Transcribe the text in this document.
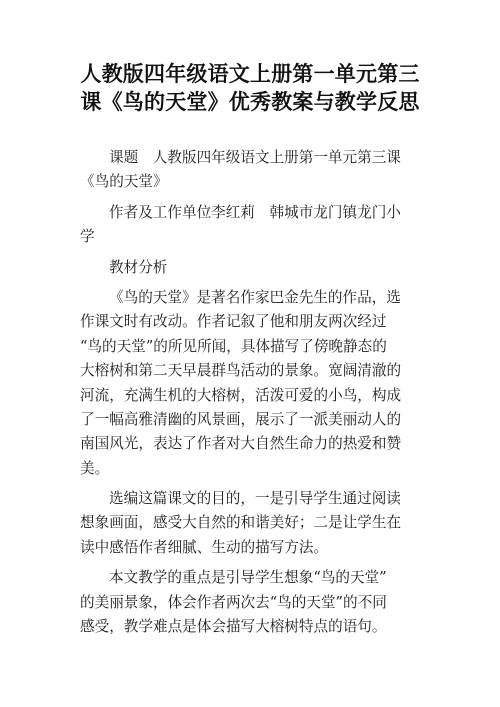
人教版四年级语文上册第一单元第三
课《鸟的天堂》优秀教案与教学反思
课题　人教版四年级语文上册第一单元第三课
《鸟的天堂》
作者及工作单位李红莉　韩城市龙门镇龙门小
学
教材分析
《鸟的天堂》是著名作家巴金先生的作品，选
作课文时有改动。作者记叙了他和朋友两次经过
“鸟的天堂”的所见所闻，具体描写了傍晚静态的
大榕树和第二天早晨群鸟活动的景象。宽阔清澈的
河流，充满生机的大榕树，活泼可爱的小鸟，构成
了一幅高雅清幽的风景画，展示了一派美丽动人的
南国风光，表达了作者对大自然生命力的热爱和赞
美。
选编这篇课文的目的，一是引导学生通过阅读
想象画面，感受大自然的和谐美好；二是让学生在
读中感悟作者细腻、生动的描写方法。
本文教学的重点是引导学生想象“鸟的天堂”
的美丽景象，体会作者两次去“鸟的天堂”的不同
感受，教学难点是体会描写大榕树特点的语句。
